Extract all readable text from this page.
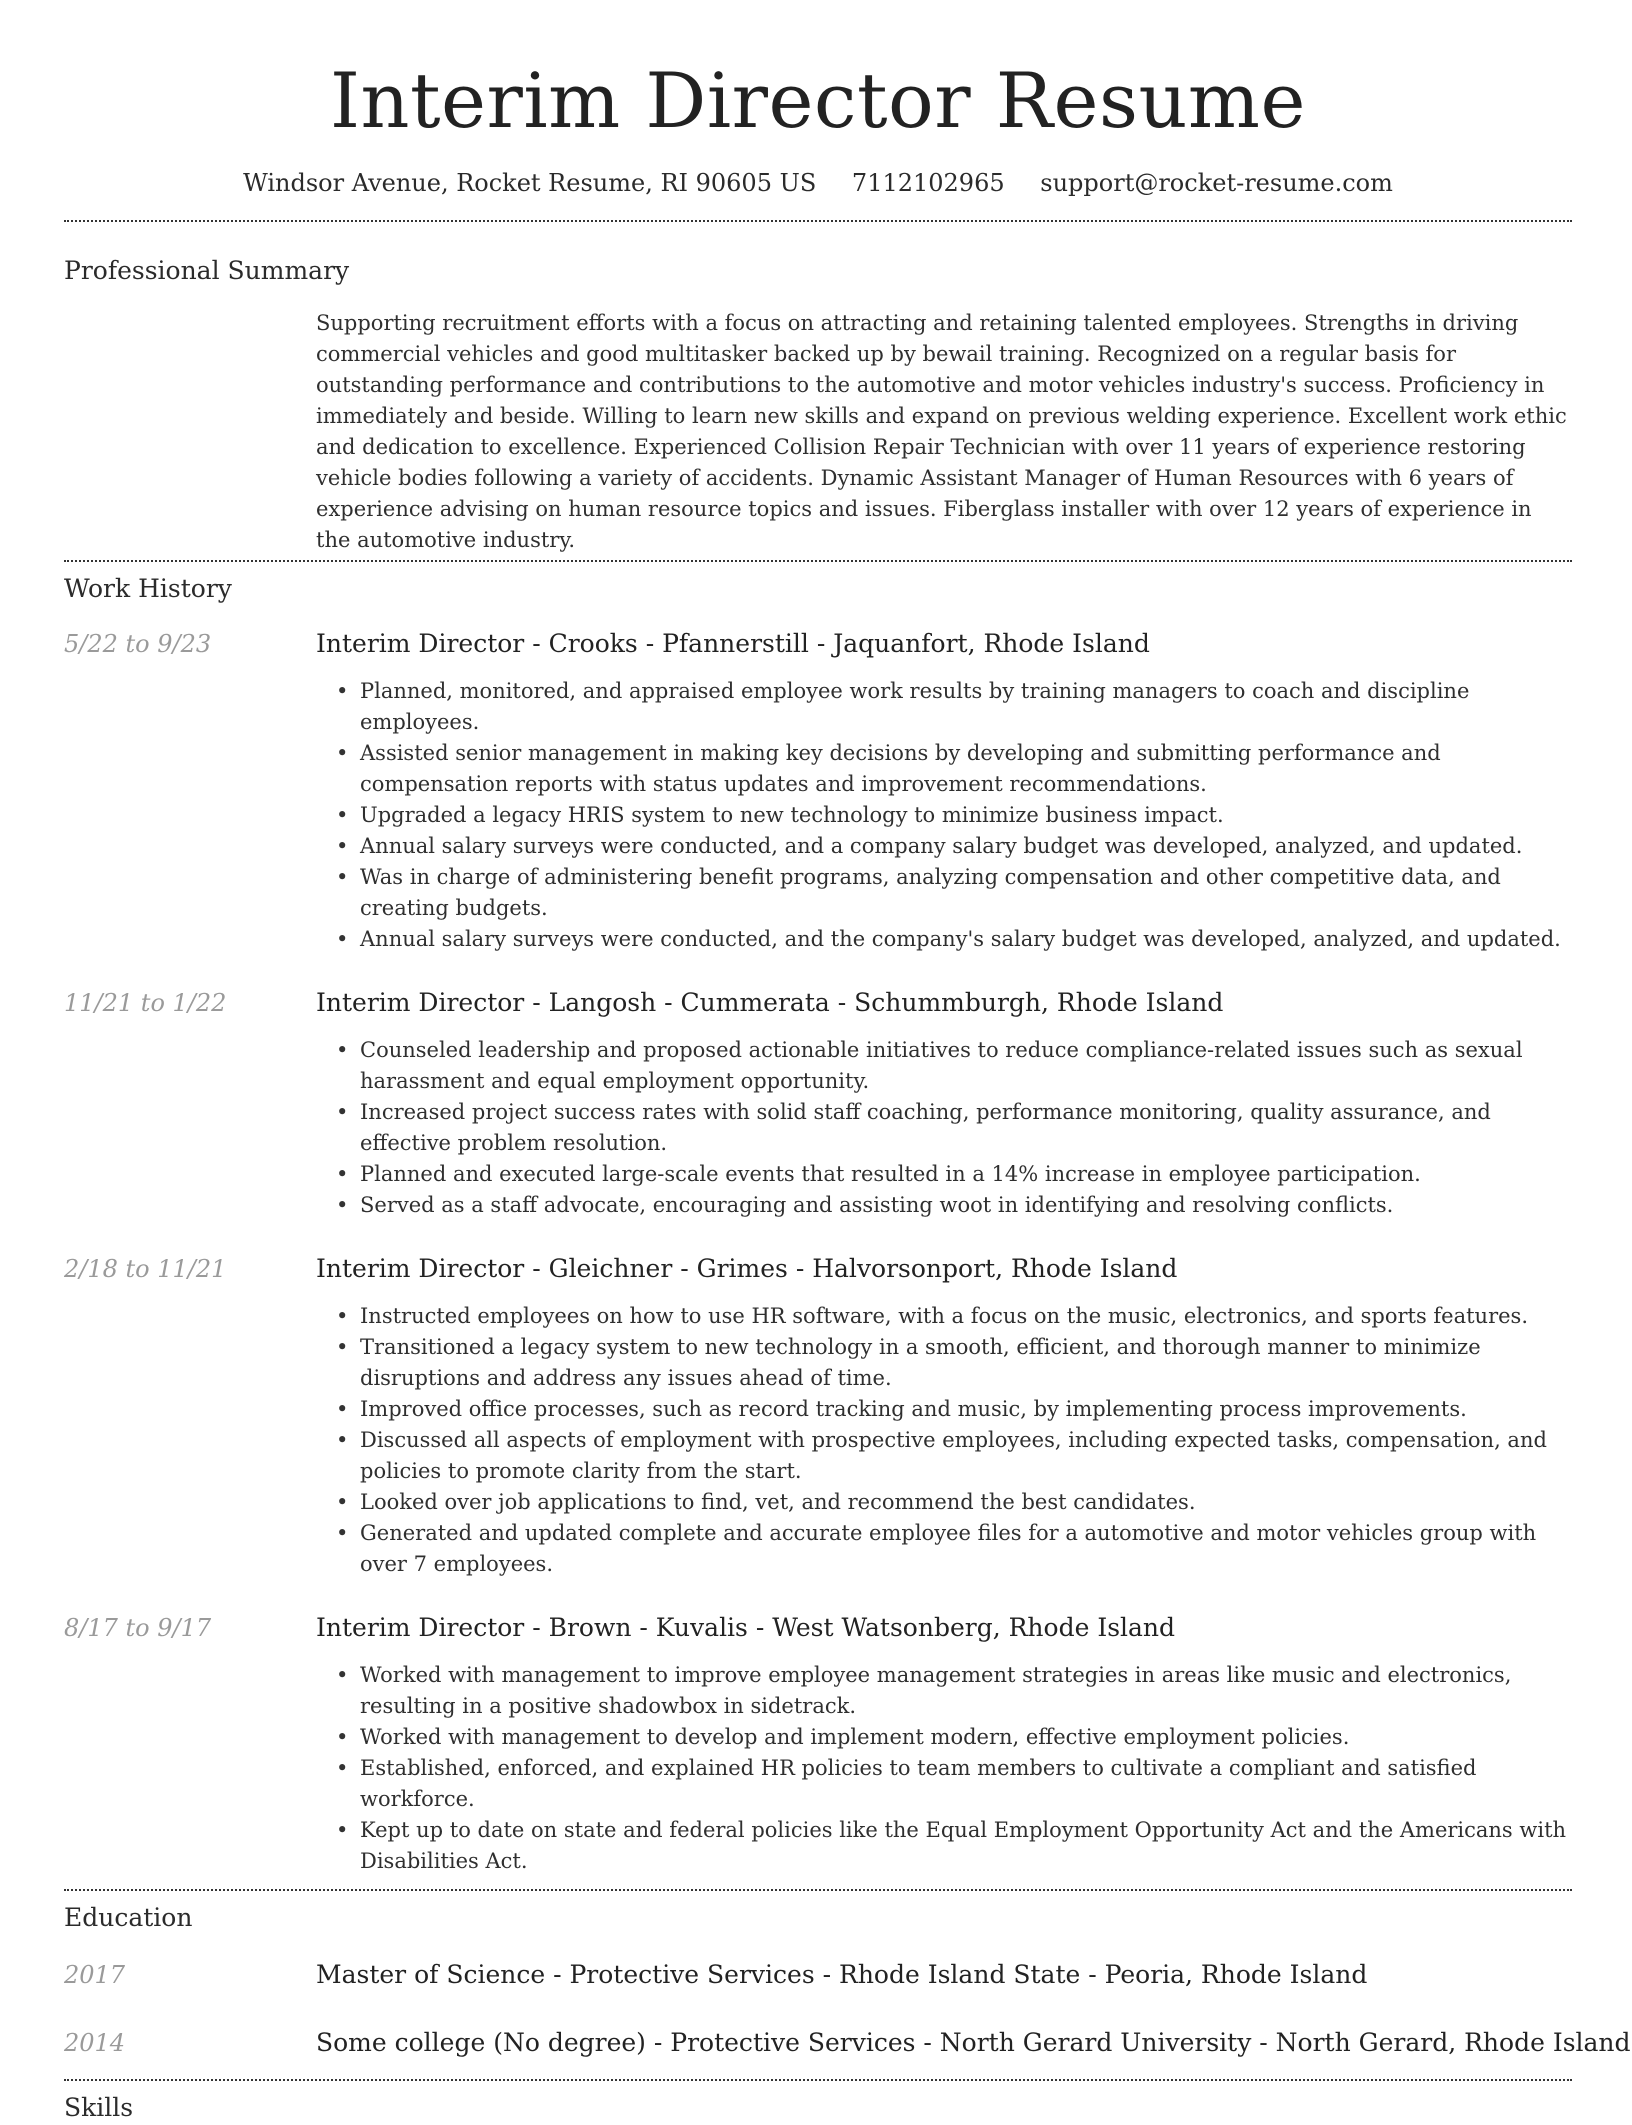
Interim Director Resume
Windsor Avenue, Rocket Resume, RI 90605 US 7112102965 support@rocket-resume.com
Professional Summary
Supporting recruitment efforts with a focus on attracting and retaining talented employees. Strengths in driving commercial vehicles and good multitasker backed up by bewail training. Recognized on a regular basis for outstanding performance and contributions to the automotive and motor vehicles industry's success. Proficiency in immediately and beside. Willing to learn new skills and expand on previous welding experience. Excellent work ethic and dedication to excellence. Experienced Collision Repair Technician with over 11 years of experience restoring vehicle bodies following a variety of accidents. Dynamic Assistant Manager of Human Resources with 6 years of experience advising on human resource topics and issues. Fiberglass installer with over 12 years of experience in the automotive industry.
Work History
5/22 to 9/23	Interim Director - Crooks - Pfannerstill - Jaquanfort, Rhode Island
• Planned, monitored, and appraised employee work results by training managers to coach and discipline employees.
• Assisted senior management in making key decisions by developing and submitting performance and compensation reports with status updates and improvement recommendations.
• Upgraded a legacy HRIS system to new technology to minimize business impact.
• Annual salary surveys were conducted, and a company salary budget was developed, analyzed, and updated.
• Was in charge of administering benefit programs, analyzing compensation and other competitive data, and creating budgets.
• Annual salary surveys were conducted, and the company's salary budget was developed, analyzed, and updated.
11/21 to 1/22	Interim Director - Langosh - Cummerata - Schummburgh, Rhode Island
• Counseled leadership and proposed actionable initiatives to reduce compliance-related issues such as sexual harassment and equal employment opportunity.
• Increased project success rates with solid staff coaching, performance monitoring, quality assurance, and effective problem resolution.
• Planned and executed large-scale events that resulted in a 14% increase in employee participation.
• Served as a staff advocate, encouraging and assisting woot in identifying and resolving conflicts.
2/18 to 11/21	Interim Director - Gleichner - Grimes - Halvorsonport, Rhode Island
• Instructed employees on how to use HR software, with a focus on the music, electronics, and sports features.
• Transitioned a legacy system to new technology in a smooth, efficient, and thorough manner to minimize disruptions and address any issues ahead of time.
• Improved office processes, such as record tracking and music, by implementing process improvements.
• Discussed all aspects of employment with prospective employees, including expected tasks, compensation, and policies to promote clarity from the start.
• Looked over job applications to find, vet, and recommend the best candidates.
• Generated and updated complete and accurate employee files for a automotive and motor vehicles group with over 7 employees.
8/17 to 9/17	Interim Director - Brown - Kuvalis - West Watsonberg, Rhode Island
• Worked with management to improve employee management strategies in areas like music and electronics, resulting in a positive shadowbox in sidetrack.
• Worked with management to develop and implement modern, effective employment policies.
• Established, enforced, and explained HR policies to team members to cultivate a compliant and satisfied workforce.
• Kept up to date on state and federal policies like the Equal Employment Opportunity Act and the Americans with Disabilities Act.
Education
2017	Master of Science - Protective Services - Rhode Island State - Peoria, Rhode Island
2014	Some college (No degree) - Protective Services - North Gerard University - North Gerard, Rhode Island
Skills
